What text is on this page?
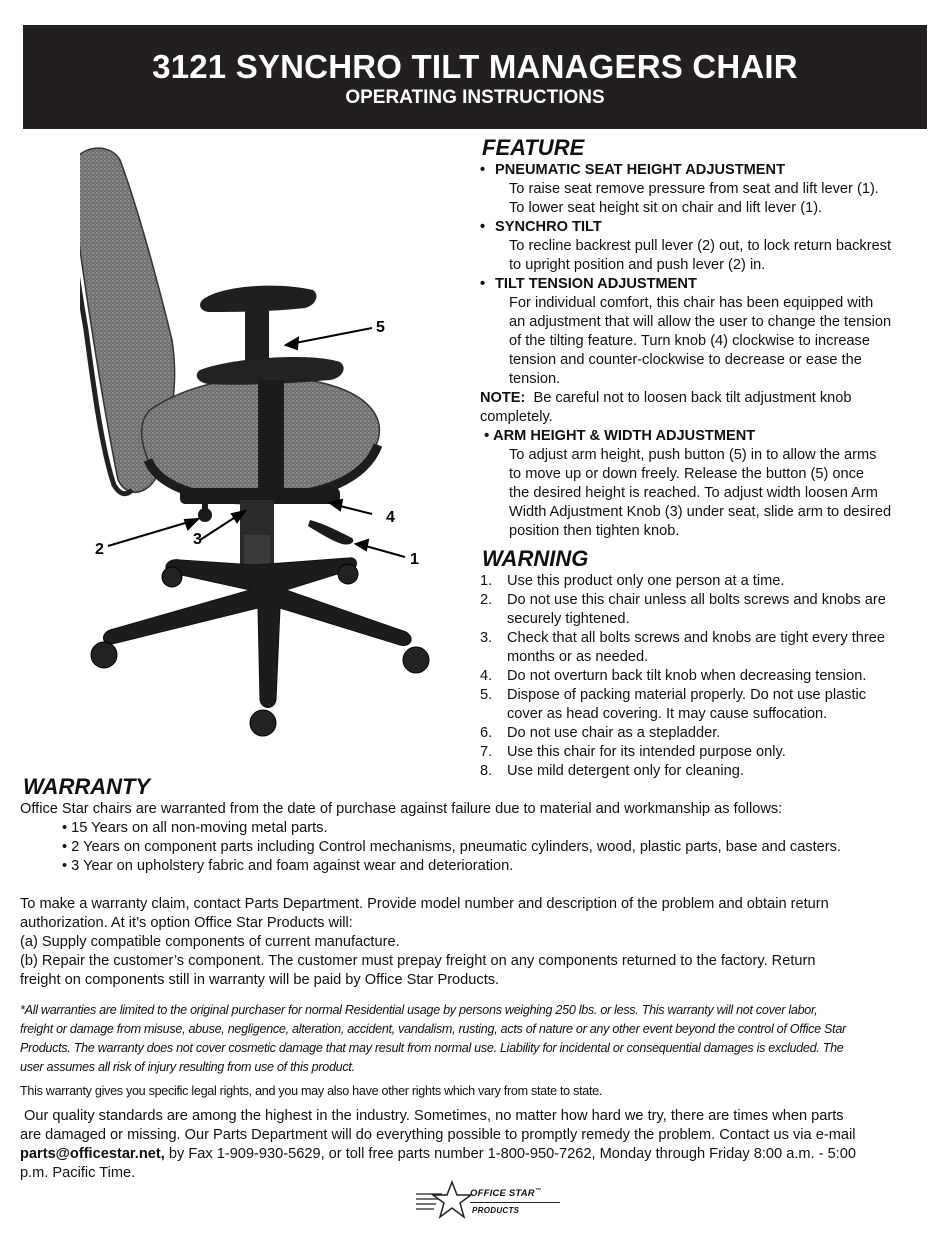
3121 SYNCHRO TILT MANAGERS CHAIR
OPERATING INSTRUCTIONS
5
4
3
2
1
FEATURE
• PNEUMATIC SEAT HEIGHT ADJUSTMENT
To raise seat remove pressure from seat and lift lever (1).
To lower seat height sit on chair and lift lever (1).
• SYNCHRO TILT
To recline backrest pull lever (2) out, to lock return backrest
to upright position and push lever (2) in.
• TILT TENSION ADJUSTMENT
For individual comfort, this chair has been equipped with
an adjustment that will allow the user to change the tension
of the tilting feature. Turn knob (4) clockwise to increase
tension and counter-clockwise to decrease or ease the
tension.
NOTE: Be careful not to loosen back tilt adjustment knob
completely.
• ARM HEIGHT & WIDTH ADJUSTMENT
To adjust arm height, push button (5) in to allow the arms
to move up or down freely. Release the button (5) once
the desired height is reached. To adjust width loosen Arm
Width Adjustment Knob (3) under seat, slide arm to desired
position then tighten knob.
WARNING
1. Use this product only one person at a time.
2. Do not use this chair unless all bolts screws and knobs are
securely tightened.
3. Check that all bolts screws and knobs are tight every three
months or as needed.
4. Do not overturn back tilt knob when decreasing tension.
5. Dispose of packing material properly. Do not use plastic
cover as head covering. It may cause suffocation.
6. Do not use chair as a stepladder.
7. Use this chair for its intended purpose only.
8. Use mild detergent only for cleaning.
WARRANTY
Office Star chairs are warranted from the date of purchase against failure due to material and workmanship as follows:
• 15 Years on all non-moving metal parts.
• 2 Years on component parts including Control mechanisms, pneumatic cylinders, wood, plastic parts, base and casters.
• 3 Year on upholstery fabric and foam against wear and deterioration.
To make a warranty claim, contact Parts Department. Provide model number and description of the problem and obtain return
authorization. At it’s option Office Star Products will:
(a) Supply compatible components of current manufacture.
(b) Repair the customer’s component. The customer must prepay freight on any components returned to the factory. Return
freight on components still in warranty will be paid by Office Star Products.
*All warranties are limited to the original purchaser for normal Residential usage by persons weighing 250 lbs. or less. This warranty will not cover labor,
freight or damage from misuse, abuse, negligence, alteration, accident, vandalism, rusting, acts of nature or any other event beyond the control of Office Star
Products. The warranty does not cover cosmetic damage that may result from normal use. Liability for incidental or consequential damages is excluded. The
user assumes all risk of injury resulting from use of this product.
This warranty gives you specific legal rights, and you may also have other rights which vary from state to state.
Our quality standards are among the highest in the industry. Sometimes, no matter how hard we try, there are times when parts
are damaged or missing. Our Parts Department will do everything possible to promptly remedy the problem. Contact us via e-mail
parts@officestar.net, by Fax 1-909-930-5629, or toll free parts number 1-800-950-7262, Monday through Friday 8:00 a.m. - 5:00
p.m. Pacific Time.
OFFICE STAR™
PRODUCTS
